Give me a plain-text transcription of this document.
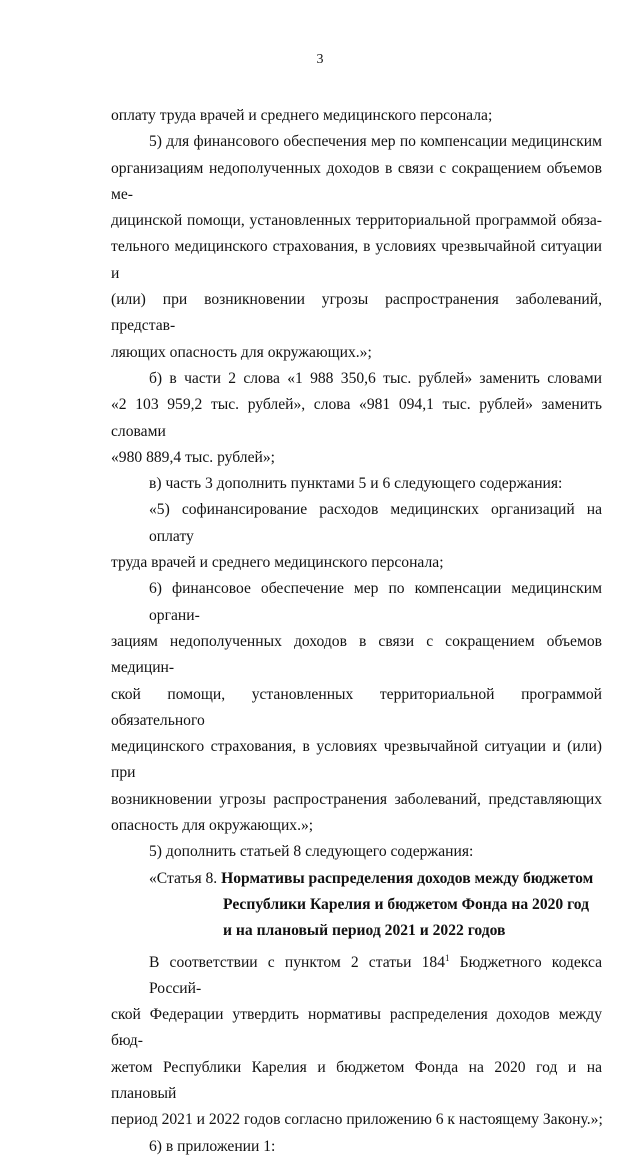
3
оплату труда врачей и среднего медицинского персонала;
5) для финансового обеспечения мер по компенсации медицинским
организациям недополученных доходов в связи с сокращением объемов ме-
дицинской помощи, установленных территориальной программой обяза-
тельного медицинского страхования, в условиях чрезвычайной ситуации и
(или) при возникновении угрозы распространения заболеваний, представ-
ляющих опасность для окружающих.»;
б) в части 2 слова «1 988 350,6 тыс. рублей» заменить словами
«2 103 959,2 тыс. рублей», слова «981 094,1 тыс. рублей» заменить словами
«980 889,4 тыс. рублей»;
в) часть 3 дополнить пунктами 5 и 6 следующего содержания:
«5) софинансирование расходов медицинских организаций на оплату
труда врачей и среднего медицинского персонала;
6) финансовое обеспечение мер по компенсации медицинским органи-
зациям недополученных доходов в связи с сокращением объемов медицин-
ской помощи, установленных территориальной программой обязательного
медицинского страхования, в условиях чрезвычайной ситуации и (или) при
возникновении угрозы распространения заболеваний, представляющих
опасность для окружающих.»;
5) дополнить статьей 8 следующего содержания:
«Статья 8. Нормативы распределения доходов между бюджетом
Республики Карелия и бюджетом Фонда на 2020 год
и на плановый период 2021 и 2022 годов
В соответствии с пунктом 2 статьи $184^1$ Бюджетного кодекса Россий-
ской Федерации утвердить нормативы распределения доходов между бюд-
жетом Республики Карелия и бюджетом Фонда на 2020 год и на плановый
период 2021 и 2022 годов согласно приложению 6 к настоящему Закону.»;
6) в приложении 1:
